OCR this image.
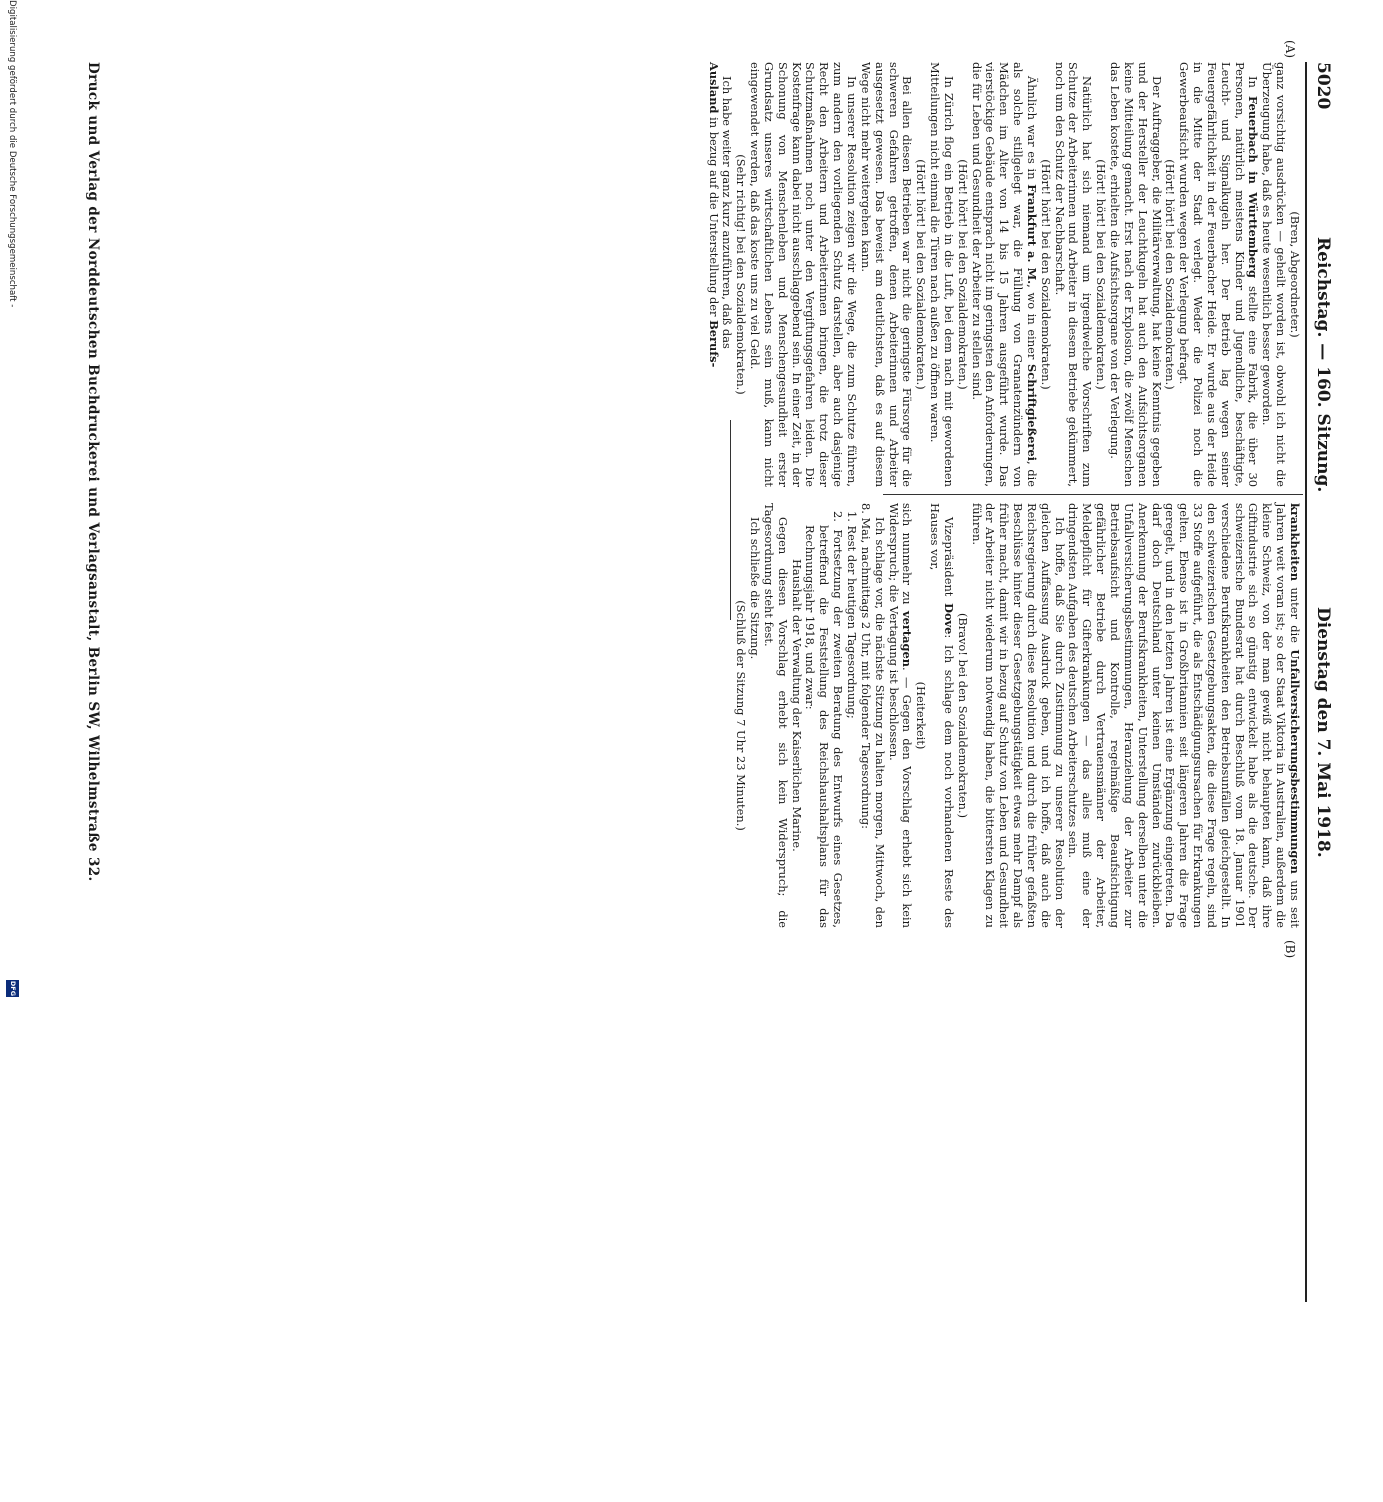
5020
Reichstag. — 160. Sitzung.
Dienstag den 7. Mai 1918.
(A)
(B)

(Bren, Abgeordneter.)

ganz vorsichtig ausdrücken — geheilt worden ist, obwohl ich nicht die Überzeugung habe, daß es heute wesentlich besser geworden.

In Feuerbach in Württemberg stellte eine Fabrik, die über 30 Personen, natürlich meistens Kinder und Jugendliche, beschäftigte, Leucht- und Signalkugeln her. Der Betrieb lag wegen seiner Feuergefährlichkeit in der Feuerbacher Heide. Er wurde aus der Heide in die Mitte der Stadt verlegt. Weder die Polizei noch die Gewerbeaufsicht wurden wegen der Verlegung befragt.

(Hört! hört! bei den Sozialdemokraten.)

Der Auftraggeber, die Militärverwaltung, hat keine Kenntnis gegeben und der Hersteller der Leuchtkugeln hat auch den Aufsichtsorganen keine Mitteilung gemacht. Erst nach der Explosion, die zwölf Menschen das Leben kostete, erhielten die Aufsichtsorgane von der Verlegung.

(Hört! hört! bei den Sozialdemokraten.)

Natürlich hat sich niemand um irgendwelche Vorschriften zum Schutze der Arbeiterinnen und Arbeiter in diesem Betriebe gekümmert, noch um den Schutz der Nachbarschaft.

(Hört! hört! bei den Sozialdemokraten.)

Ähnlich war es in Frankfurt a. M., wo in einer Schriftgießerei, die als solche stillgelegt war, die Füllung von Granatenzündern von Mädchen im Alter von 14 bis 15 Jahren ausgeführt wurde. Das vierstöckige Gebäude entsprach nicht im geringsten den Anforderungen, die für Leben und Gesundheit der Arbeiter zu stellen sind.

(Hört! hört! bei den Sozialdemokraten.)

In Zürich flog ein Betrieb in die Luft, bei dem nach mit gewordenen Mitteilungen nicht einmal die Türen nach außen zu öffnen waren.

(Hört! hört! bei den Sozialdemokraten.)

Bei allen diesen Betrieben war nicht die geringste Fürsorge für die schweren Gefahren getroffen, denen Arbeiterinnen und Arbeiter ausgesetzt gewesen. Das beweist am deutlichsten, daß es auf diesem Wege nicht mehr weitergehen kann.

In unserer Resolution zeigen wir die Wege, die zum Schutze führen, zum andern den vorliegenden Schutz darstellen, aber auch dasjenige Recht den Arbeitern und Arbeiterinnen bringen, die trotz dieser Schutzmaßnahmen noch unter den Vergiftungsgefahren leiden. Die Kostenfrage kann dabei nicht ausschlaggebend sein. In einer Zeit, in der Schonung von Menschenleben und Menschengesundheit erster Grundsatz unseres wirtschaftlichen Lebens sein muß, kann nicht eingewendet werden, daß das koste uns zu viel Geld.

(Sehr richtig! bei den Sozialdemokraten.)

Ich habe weiter ganz kurz anzuführen, daß das

Ausland in bezug auf die Unterstellung der Berufs-

krankheiten unter die Unfallversicherungsbestimmungen uns seit Jahren weit voran ist; so der Staat Viktoria in Australien, außerdem die kleine Schweiz, von der man gewiß nicht behaupten kann, daß ihre Giftindustrie sich so günstig entwickelt habe als die deutsche. Der schweizerische Bundesrat hat durch Beschluß vom 18. Januar 1901 verschiedene Berufskrankheiten den Betriebsunfällen gleichgestellt. In den schweizerischen Gesetzgebungsakten, die diese Frage regeln, sind 33 Stoffe aufgeführt, die als Entschädigungsursachen für Erkrankungen gelten. Ebenso ist in Großbritannien seit längeren Jahren die Frage geregelt, und in den letzten Jahren ist eine Ergänzung eingetreten. Da darf doch Deutschland unter keinen Umständen zurückbleiben. Anerkennung der Berufskrankheiten, Unterstellung derselben unter die Unfallversicherungsbestimmungen, Heranziehung der Arbeiter zur Betriebsaufsicht und Kontrolle, regelmäßige Beaufsichtigung gefährlicher Betriebe durch Vertrauensmänner der Arbeiter, Meldepflicht für Gifterkrankungen — das alles muß eine der dringendsten Aufgaben des deutschen Arbeiterschutzes sein.

Ich hoffe, daß Sie durch Zustimmung zu unserer Resolution der gleichen Auffassung Ausdruck geben, und ich hoffe, daß auch die Reichsregierung durch diese Resolution und durch die früher gefaßten Beschlüsse hinter dieser Gesetzgebungstätigkeit etwas mehr Dampf als früher macht, damit wir in bezug auf Schutz von Leben und Gesundheit der Arbeiter nicht wiederum notwendig haben, die bittersten Klagen zu führen.

(Bravo! bei den Sozialdemokraten.)

Vizepräsident Dove: Ich schlage dem noch vorhandenen Reste des Hauses vor,

(Heiterkeit)

sich nunmehr zu vertagen. — Gegen den Vorschlag erhebt sich kein Widerspruch; die Vertagung ist beschlossen.

Ich schlage vor, die nächste Sitzung zu halten morgen, Mittwoch, den 8. Mai, nachmittags 2 Uhr, mit folgender Tagesordnung:

1. Rest der heutigen Tagesordnung;

2. Fortsetzung der zweiten Beratung des Entwurfs eines Gesetzes, betreffend die Feststellung des Reichshaushaltsplans für das Rechnungsjahr 1918, und zwar:

Haushalt der Verwaltung der Kaiserlichen Marine.

Gegen diesen Vorschlag erhebt sich kein Widerspruch; die Tagesordnung steht fest.

Ich schließe die Sitzung.

(Schluß der Sitzung 7 Uhr 23 Minuten.)

Druck und Verlag der Norddeutschen Buchdruckerei und Verlagsanstalt, Berlin SW, Wilhelmstraße 32.
Digitalisierung gefördert durch die Deutsche Forschungsgemeinschaft -
DFG
